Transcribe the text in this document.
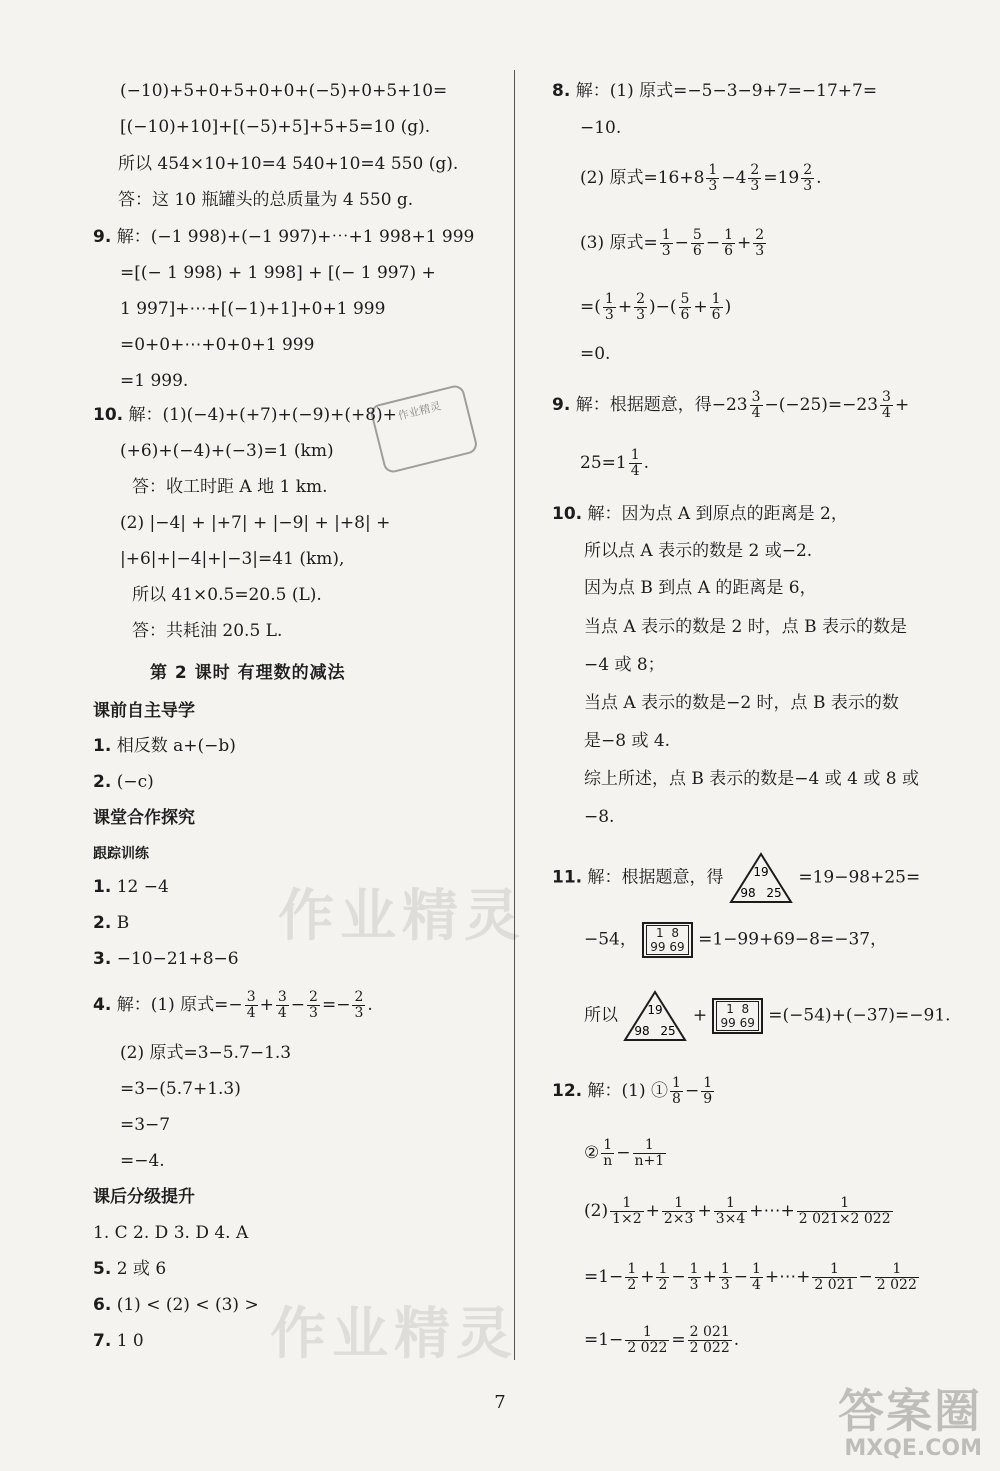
作业精灵
作业精灵
作业精灵
(−10)+5+0+5+0+0+(−5)+0+5+10=
[(−10)+10]+[(−5)+5]+5+5=10 (g).
所以 454×10+10=4 540+10=4 550 (g).
答：这 10 瓶罐头的总质量为 4 550 g.
9. 解：(−1 998)+(−1 997)+⋯+1 998+1 999
=[(− 1 998) + 1 998] + [(− 1 997) +
1 997]+⋯+[(−1)+1]+0+1 999
=0+0+⋯+0+0+1 999
=1 999.
10. 解：(1)(−4)+(+7)+(−9)+(+8)+
(+6)+(−4)+(−3)=1 (km)
答：收工时距 A 地 1 km.
(2) |−4| + |+7| + |−9| + |+8| +
|+6|+|−4|+|−3|=41 (km),
所以 41×0.5=20.5 (L).
答：共耗油 20.5 L.
第 2 课时 有理数的减法
课前自主导学
1. 相反数 a+(−b)
2. (−c)
课堂合作探究
跟踪训练
1. 12 −4
2. B
3. −10−21+8−6
4. 解：(1) 原式=− $\frac{3}{4} + \frac{3}{4} - \frac{2}{3} =- \frac{2}{3}$ .
(2) 原式=3−5.7−1.3
=3−(5.7+1.3)
=3−7
=−4.
课后分级提升
1. C 2. D 3. D 4. A
5. 2 或 6
6. (1) < (2) < (3) >
7. 1 0
8. 解：(1) 原式=−5−3−9+7=−17+7=
−10.
(2) 原式$=16+8 \frac{1}{3} -4 \frac{2}{3} =19 \frac{2}{3}$ .
(3) 原式= $\frac{1}{3} - \frac{5}{6} - \frac{1}{6} + \frac{2}{3}$
=( $\frac{1}{3} + \frac{2}{3}$ )−( $\frac{5}{6} + \frac{1}{6}$ )
=0.
9. 解：根据题意，得$-23 \frac{3}{4} -(-25)=-23 \frac{3}{4}$ +
$25=1 \frac{1}{4}$ .
10. 解：因为点 A 到原点的距离是 2，
所以点 A 表示的数是 2 或−2.
因为点 B 到点 A 的距离是 6，
当点 A 表示的数是 2 时，点 B 表示的数是
−4 或 8；
当点 A 表示的数是−2 时，点 B 表示的数
是−8 或 4.
综上所述，点 B 表示的数是−4 或 4 或 8 或
−8.
11. 解：根据题意，得 19
98 25
=19−98+25=
−54，	1 8
99 69 =1−99+69−8=−37，
所以 19
98 25
+	1 8
99 69 =(−54)+(−37)=−91.
12. 解：(1) ① $\frac{1}{8} - \frac{1}{9}$
② $\frac{1}{n} - \frac{1}{n+1}$
$(2) \frac{1}{1\times 2} + \frac{1}{2\times 3} + \frac{1}{3\times 4}$ +⋯+ $\frac{1}{2 021\times 2 022}$
$=1- \frac{1}{2} + \frac{1}{2} - \frac{1}{3} + \frac{1}{3} - \frac{1}{4}$ +⋯+ $\frac{1}{2 021} - \frac{1}{2 022}$
$=1- \frac{1}{2 022} = \frac{2 021}{2 022}$ .
7	答案圈
MXQE.COM
